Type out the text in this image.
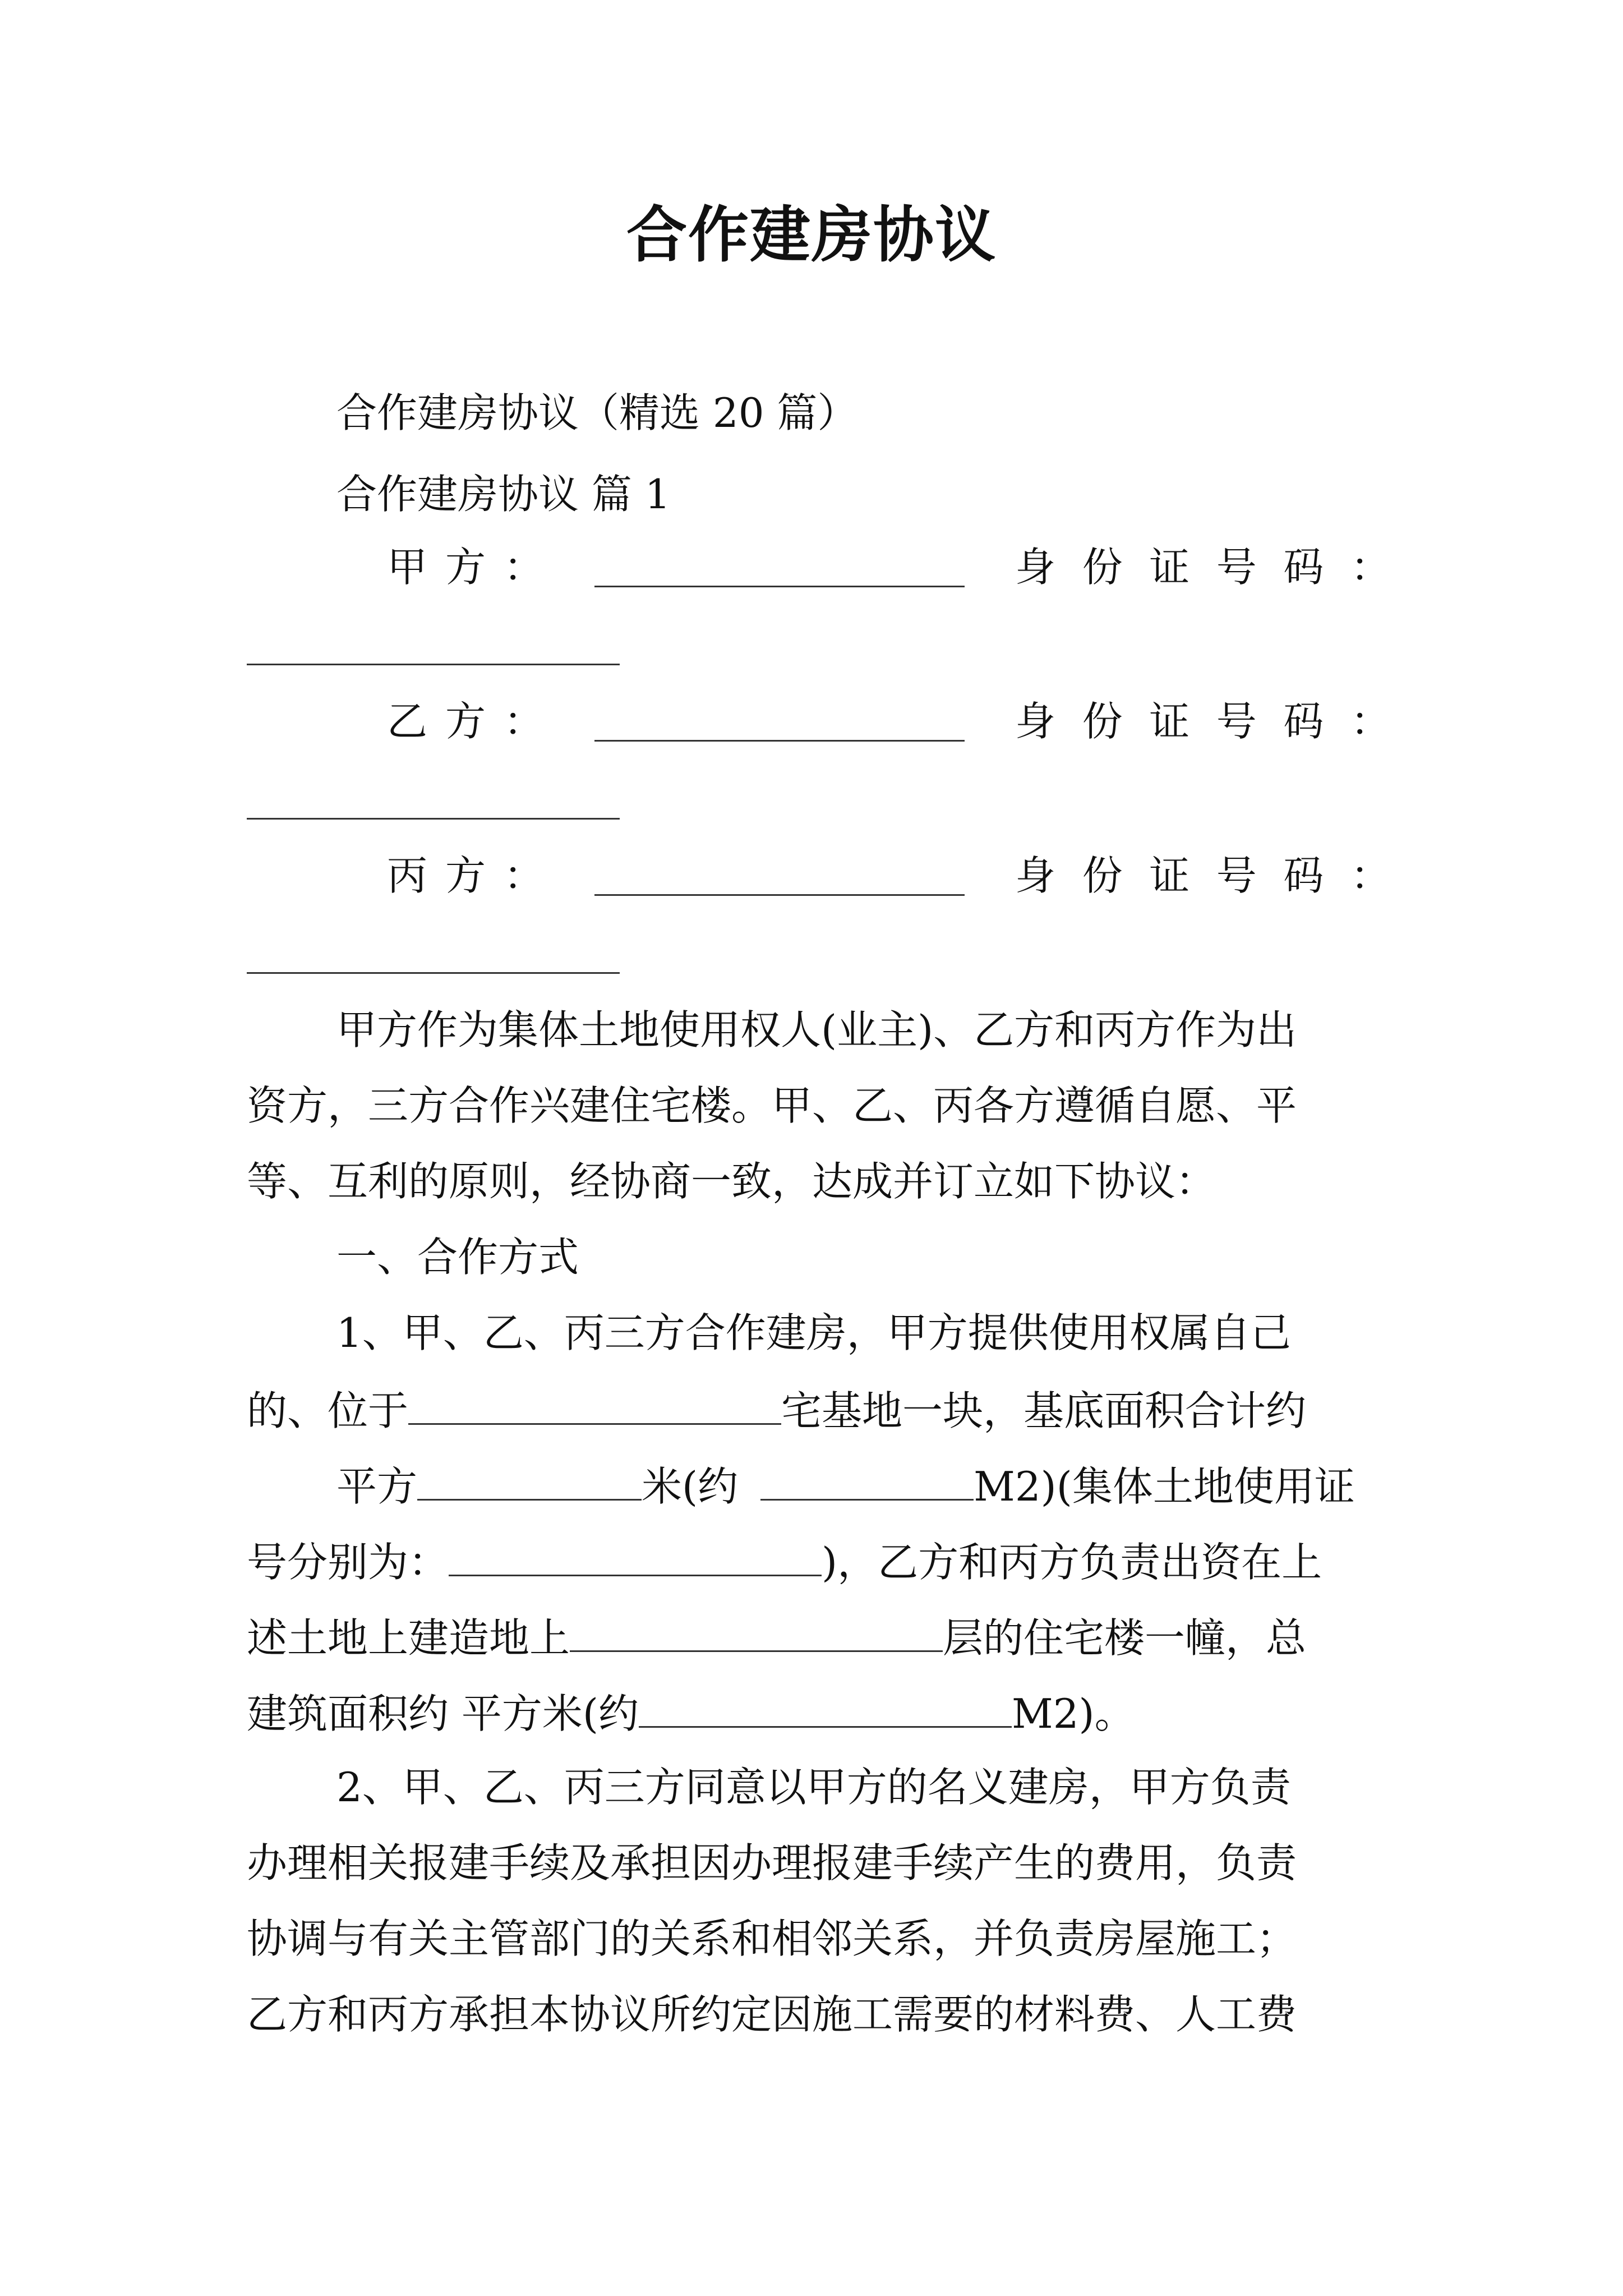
合作建房协议
合作建房协议（精选 20 篇）
合作建房协议 篇 1
甲 方 ：	身 份 证 号 码 ：
乙 方 ：	身 份 证 号 码 ：
丙 方 ：	身 份 证 号 码 ：
甲方作为集体土地使用权人(业主)、乙方和丙方作为出
资方，三方合作兴建住宅楼。甲、乙、丙各方遵循自愿、平
等、互利的原则，经协商一致，达成并订立如下协议：
一、合作方式
1、甲、乙、丙三方合作建房，甲方提供使用权属自己
的、位于	宅基地一块，基底面积合计约
平方	米(约	M2)(集体土地使用证
号分别为：	)，乙方和丙方负责出资在上
述土地上建造地上	层的住宅楼一幢，总
建筑面积约 平方米(约	M2)。
2、甲、乙、丙三方同意以甲方的名义建房，甲方负责
办理相关报建手续及承担因办理报建手续产生的费用，负责
协调与有关主管部门的关系和相邻关系，并负责房屋施工；
乙方和丙方承担本协议所约定因施工需要的材料费、人工费
